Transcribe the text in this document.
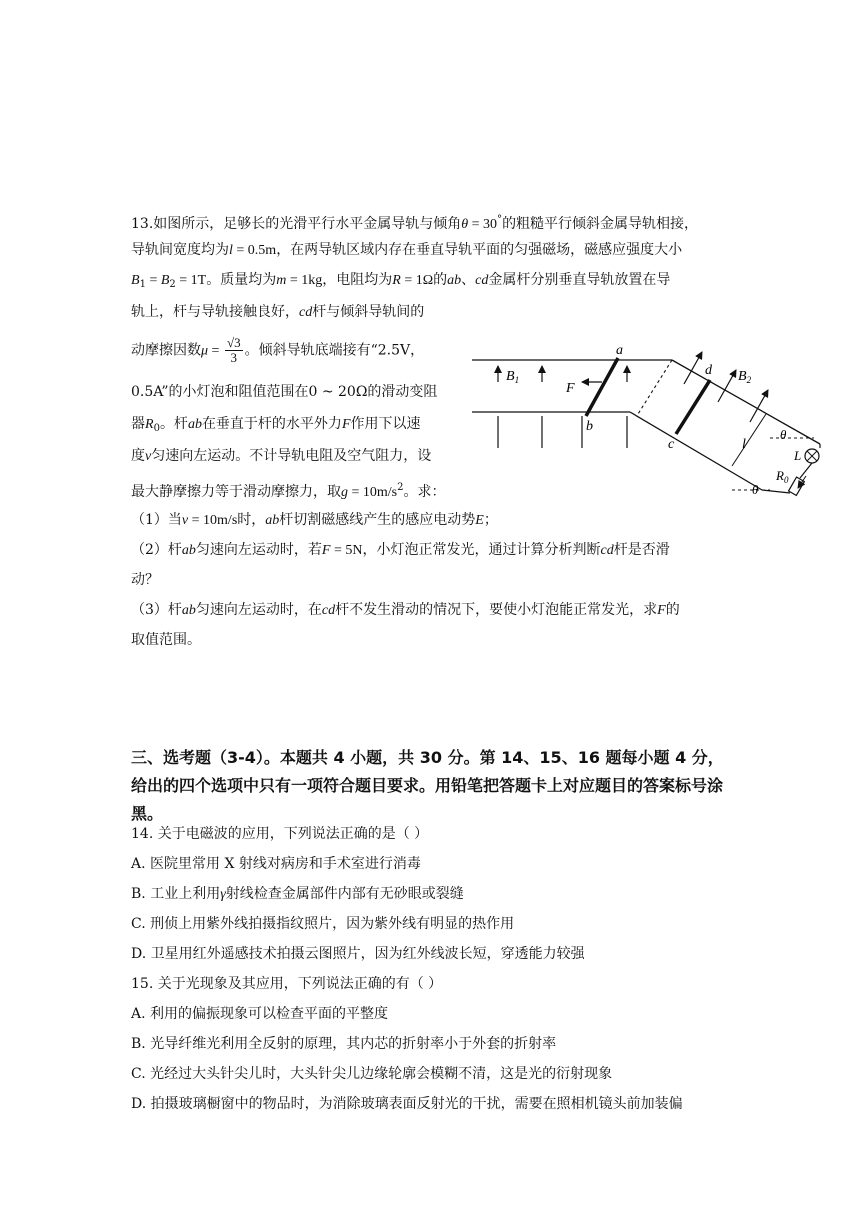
13.如图所示，足够长的光滑平行水平金属导轨与倾角θ = 30°的粗糙平行倾斜金属导轨相接，
导轨间宽度均为l = 0.5m，在两导轨区域内存在垂直导轨平面的匀强磁场，磁感应强度大小
$B_1 = B_2 = 1T$。质量均为m = 1kg，电阻均为R = 1Ω的ab、cd金属杆分别垂直导轨放置在导
轨上，杆与导轨接触良好，cd杆与倾斜导轨间的
动摩擦因数$\mu = \frac{√3}{3}$ 。倾斜导轨底端接有“2.5V，
0.5A”的小灯泡和阻值范围在0 ~ 20Ω的滑动变阻
器$R_0$。杆ab在垂直于杆的水平外力F作用下以速
度v匀速向左运动。不计导轨电阻及空气阻力，设
最大静摩擦力等于滑动摩擦力，取$g = 10m/s^2$。求：
（1）当v = 10m/s时，ab杆切割磁感线产生的感应电动势E；
（2）杆ab匀速向左运动时，若F = 5N，小灯泡正常发光，通过计算分析判断cd杆是否滑
动？
（3）杆ab匀速向左运动时，在cd杆不发生滑动的情况下，要使小灯泡能正常发光，求F的
取值范围。
$B_1$
a
b
F
d
c
$B_2$
l
θ
θ
L
$R_0$
三、选考题（3-4）。本题共 4 小题，共 30 分。第 14、15、16 题每小题 4 分，给出的四个选项中只有一项符合题目要求。用铅笔把答题卡上对应题目的答案标号涂黑。
14. 关于电磁波的应用，下列说法正确的是（ ）
A. 医院里常用 X 射线对病房和手术室进行消毒
B. 工业上利用γ射线检查金属部件内部有无砂眼或裂缝
C. 刑侦上用紫外线拍摄指纹照片，因为紫外线有明显的热作用
D. 卫星用红外遥感技术拍摄云图照片，因为红外线波长短，穿透能力较强
15. 关于光现象及其应用，下列说法正确的有（ ）
A. 利用的偏振现象可以检查平面的平整度
B. 光导纤维光利用全反射的原理，其内芯的折射率小于外套的折射率
C. 光经过大头针尖儿时，大头针尖儿边缘轮廓会模糊不清，这是光的衍射现象
D. 拍摄玻璃橱窗中的物品时，为消除玻璃表面反射光的干扰，需要在照相机镜头前加装偏
